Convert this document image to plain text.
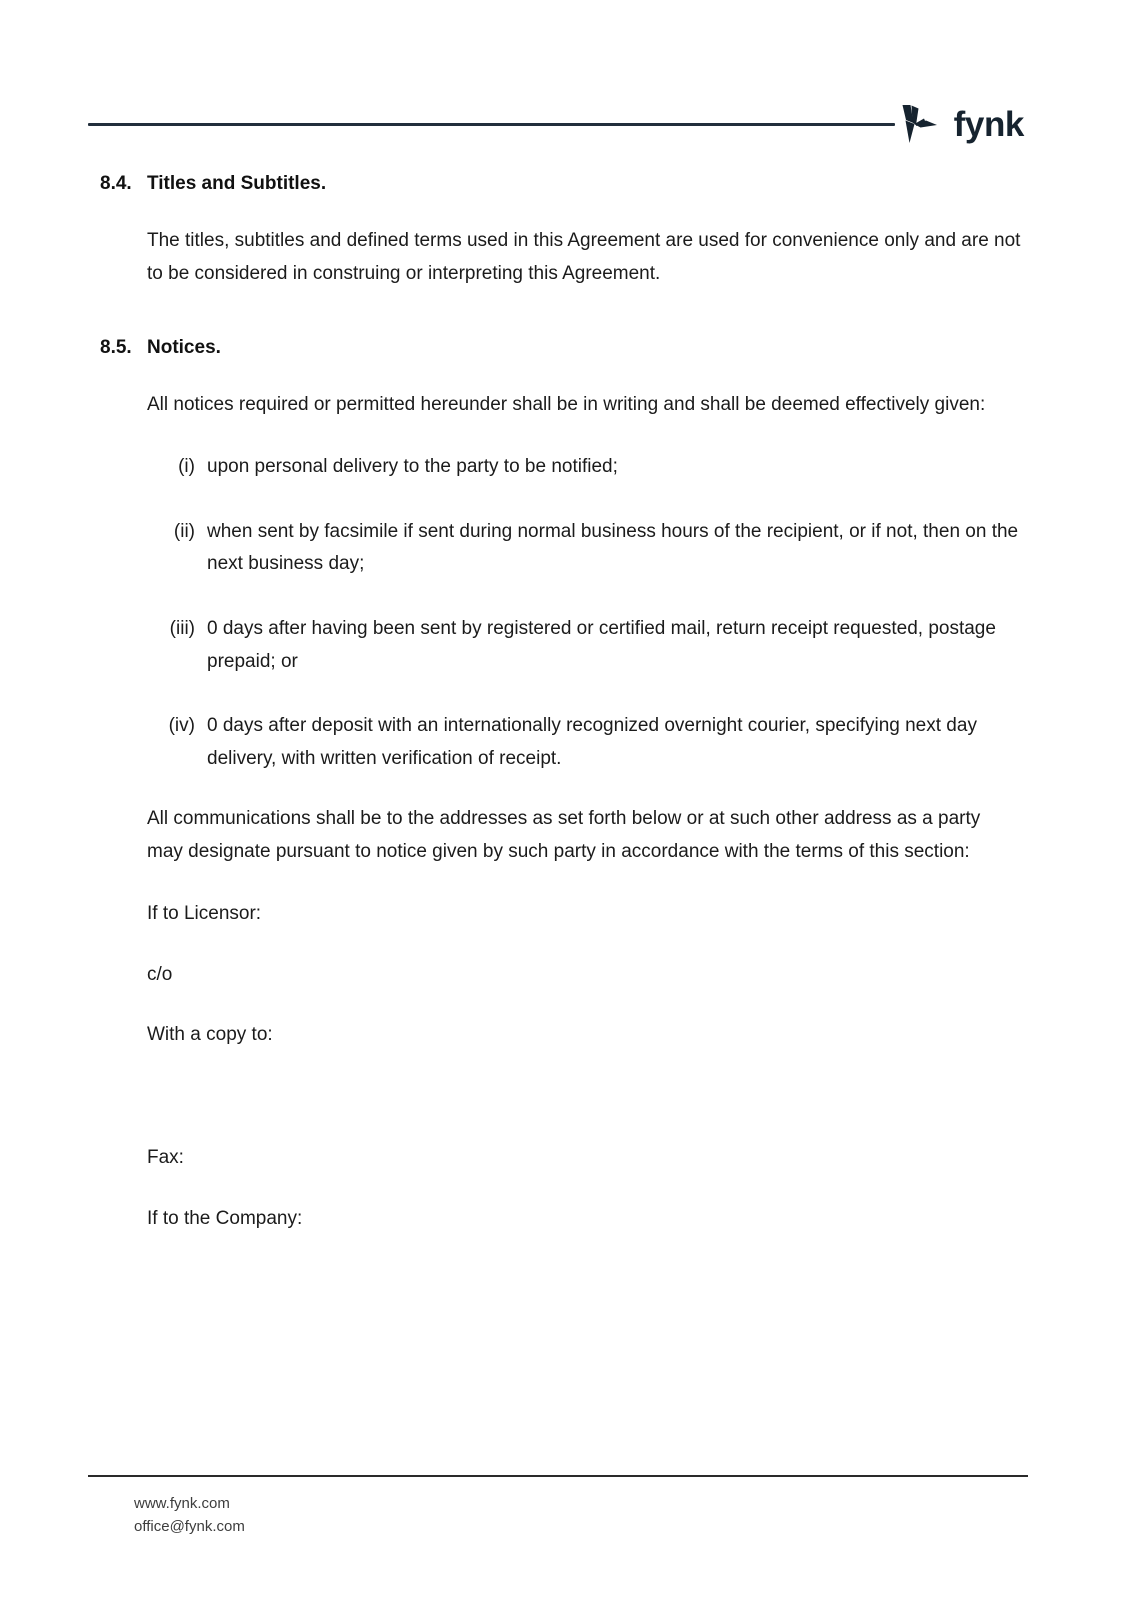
fynk
8.4. Titles and Subtitles.

The titles, subtitles and defined terms used in this Agreement are used for convenience only and are not to be considered in construing or interpreting this Agreement.

8.5. Notices.

All notices required or permitted hereunder shall be in writing and shall be deemed effectively given:

(i) upon personal delivery to the party to be notified;
(ii) when sent by facsimile if sent during normal business hours of the recipient, or if not, then on the next business day;
(iii) 0 days after having been sent by registered or certified mail, return receipt requested, postage prepaid; or
(iv) 0 days after deposit with an internationally recognized overnight courier, specifying next day delivery, with written verification of receipt.

All communications shall be to the addresses as set forth below or at such other address as a party may designate pursuant to notice given by such party in accordance with the terms of this section:

If to Licensor:
c/o
With a copy to:
Fax:
If to the Company:
www.fynk.com
office@fynk.com
